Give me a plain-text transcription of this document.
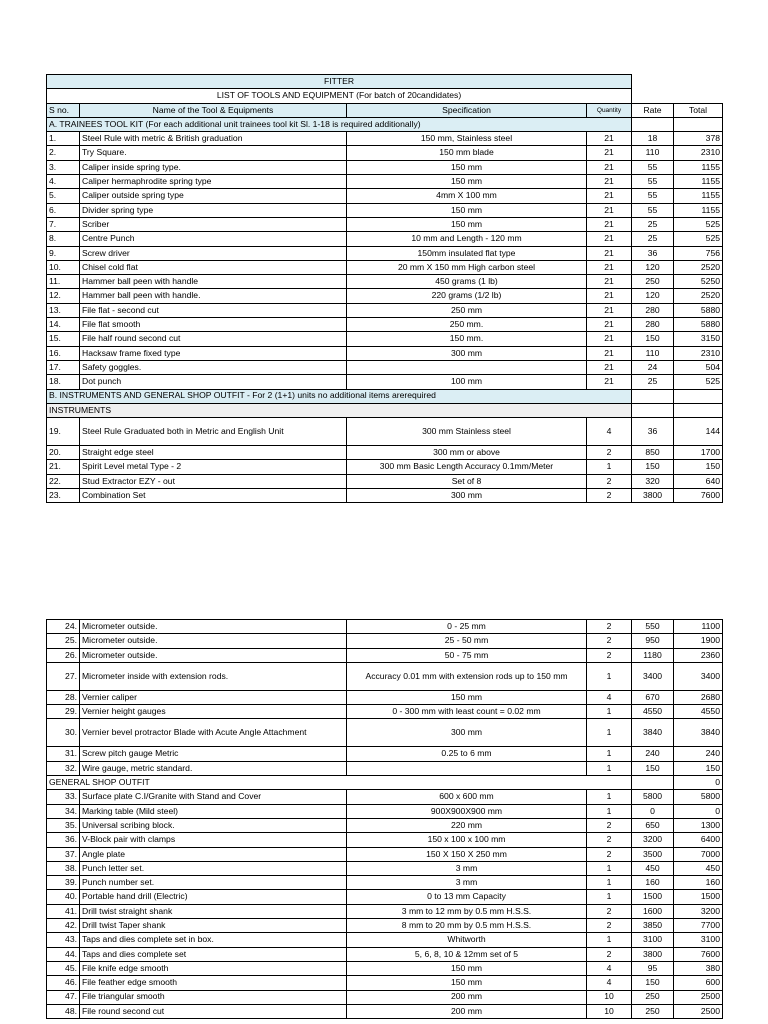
FITTER					
LIST OF TOOLS AND EQUIPMENT (For batch of 20candidates)					
S no.	Name of the Tool & Equipments	Specification	Quantity	Rate	Total
A. TRAINEES TOOL KIT (For each additional unit trainees tool kit Sl. 1-18 is required additionally)					
1.	Steel Rule with metric & British graduation	150 mm, Stainless steel	21	18	378
2.	Try Square.	150 mm blade	21	110	2310
3.	Caliper inside spring type.	150 mm	21	55	1155
4.	Caliper hermaphrodite spring type	150 mm	21	55	1155
5.	Caliper outside spring type	4mm X 100 mm	21	55	1155
6.	Divider spring type	150 mm	21	55	1155
7.	Scriber	150 mm	21	25	525
8.	Centre Punch	10 mm and Length - 120 mm	21	25	525
9.	Screw driver	150mm insulated flat type	21	36	756
10.	Chisel cold flat	20 mm X 150 mm High carbon steel	21	120	2520
11.	Hammer ball peen with handle	450 grams (1 lb)	21	250	5250
12.	Hammer ball peen with handle.	220 grams (1/2 lb)	21	120	2520
13.	File flat - second cut	250 mm	21	280	5880
14.	File flat smooth	250 mm.	21	280	5880
15.	File half round second cut	150 mm.	21	150	3150
16.	Hacksaw frame fixed type	300 mm	21	110	2310
17.	Safety goggles.		21	24	504
18.	Dot punch	100 mm	21	25	525
B. INSTRUMENTS AND GENERAL SHOP OUTFIT - For 2 (1+1) units no additional items arerequired					
INSTRUMENTS					
19.	Steel Rule Graduated both in Metric and English Unit	300 mm Stainless steel	4	36	144
20.	Straight edge steel	300 mm or above	2	850	1700
21.	Spirit Level metal Type - 2	300 mm Basic Length Accuracy 0.1mm/Meter	1	150	150
22.	Stud Extractor EZY - out	Set of 8	2	320	640
23.	Combination Set	300 mm	2	3800	7600
24.	Micrometer outside.	0 - 25 mm	2	550	1100
25.	Micrometer outside.	25 - 50 mm	2	950	1900
26.	Micrometer outside.	50 - 75 mm	2	1180	2360
27.	Micrometer inside with extension rods.	Accuracy 0.01 mm with extension rods up to 150 mm	1	3400	3400
28.	Vernier caliper	150 mm	4	670	2680
29.	Vernier height gauges	0 - 300 mm with least count = 0.02 mm	1	4550	4550
30.	Vernier bevel protractor Blade with Acute Angle Attachment	300 mm	1	3840	3840
31.	Screw pitch gauge Metric	0.25 to 6 mm	1	240	240
32.	Wire gauge, metric standard.		1	150	150
GENERAL SHOP OUTFIT					0
33.	Surface plate C.I/Granite with Stand and Cover	600 x 600 mm	1	5800	5800
34.	Marking table (Mild steel)	900X900X900 mm	1	0	0
35.	Universal scribing block.	220 mm	2	650	1300
36.	V-Block pair with clamps	150 x 100 x 100 mm	2	3200	6400
37.	Angle plate	150 X 150 X 250 mm	2	3500	7000
38.	Punch letter set.	3 mm	1	450	450
39.	Punch number set.	3 mm	1	160	160
40.	Portable hand drill (Electric)	0 to 13 mm Capacity	1	1500	1500
41.	Drill twist straight shank	3 mm to 12 mm by 0.5 mm H.S.S.	2	1600	3200
42.	Drill twist Taper shank	8 mm to 20 mm by 0.5 mm H.S.S.	2	3850	7700
43.	Taps and dies complete set in box.	Whitworth	1	3100	3100
44.	Taps and dies complete set	5, 6, 8, 10 & 12mm set of 5	2	3800	7600
45.	File knife edge smooth	150 mm	4	95	380
46.	File feather edge smooth	150 mm	4	150	600
47.	File triangular smooth	200 mm	10	250	2500
48.	File round second cut	200 mm	10	250	2500
